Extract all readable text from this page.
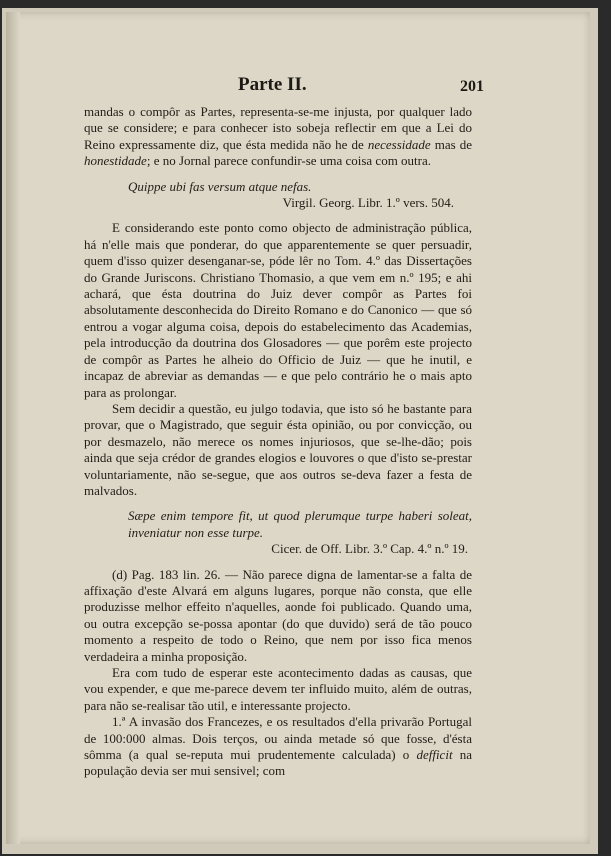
Parte II.	201

mandas o compôr as Partes, representa-se-me injusta, por qualquer lado que se considere; e para conhecer isto sobeja reflectir em que a Lei do Reino expressamente diz, que ésta medida não he de necessidade mas de honestidade; e no Jornal parece confundir-se uma coisa com outra.

Quippe ubi fas versum atque nefas.
Virgil. Georg. Libr. 1.º vers. 504.

E considerando este ponto como objecto de administração pública, há n'elle mais que ponderar, do que apparentemente se quer persuadir, quem d'isso quizer desenganar-se, póde lêr no Tom. 4.º das Dissertações do Grande Juriscons. Christiano Thomasio, a que vem em n.º 195; e ahi achará, que ésta doutrina do Juiz dever compôr as Partes foi absolutamente desconhecida do Direito Romano e do Canonico — que só entrou a vogar alguma coisa, depois do estabelecimento das Academias, pela introducção da doutrina dos Glosadores — que porêm este projecto de compôr as Partes he alheio do Officio de Juiz — que he inutil, e incapaz de abreviar as demandas — e que pelo contrário he o mais apto para as prolongar.

Sem decidir a questão, eu julgo todavia, que isto só he bastante para provar, que o Magistrado, que seguir ésta opinião, ou por convicção, ou por desmazelo, não merece os nomes injuriosos, que se-lhe-dão; pois ainda que seja crédor de grandes elogios e louvores o que d'isto se-prestar voluntariamente, não se-segue, que aos outros se-deva fazer a festa de malvados.

Sæpe enim tempore fit, ut quod plerumque turpe haberi soleat, inveniatur non esse turpe.
Cicer. de Off. Libr. 3.º Cap. 4.º n.º 19.

(d) Pag. 183 lin. 26. — Não parece digna de lamentar-se a falta de affixação d'este Alvará em alguns lugares, porque não consta, que elle produzisse melhor effeito n'aquelles, aonde foi publicado. Quando uma, ou outra excepção se-possa apontar (do que duvido) será de tão pouco momento a respeito de todo o Reino, que nem por isso fica menos verdadeira a minha proposição.

Era com tudo de esperar este acontecimento dadas as causas, que vou expender, e que me-parece devem ter influido muito, além de outras, para não se-realisar tão util, e interessante projecto.

1.ª A invasão dos Francezes, e os resultados d'ella privarão Portugal de 100:000 almas. Dois terços, ou ainda metade só que fosse, d'ésta sômma (a qual se-reputa mui prudentemente calculada) o defficit na população devia ser mui sensivel; com
